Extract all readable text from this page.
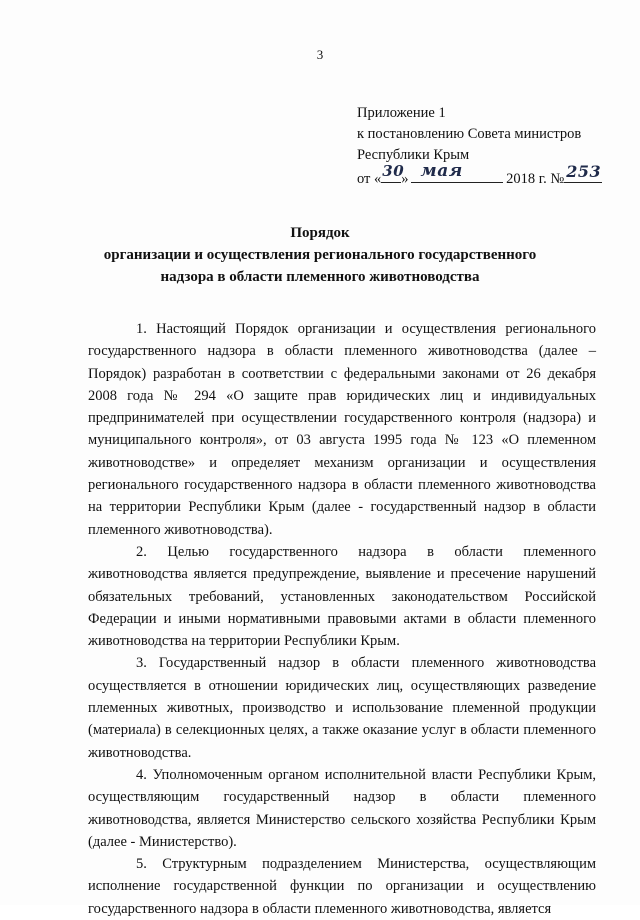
3
Приложение 1
к постановлению Совета министров
Республики Крым
от « 30
» мая	2018 г. № 253
Порядок
организации и осуществления регионального государственного
надзора в области племенного животноводства

1. Настоящий Порядок организации и осуществления регионального государственного надзора в области племенного животноводства (далее – Порядок) разработан в соответствии с федеральными законами от 26 декабря 2008 года № 294 «О защите прав юридических лиц и индивидуальных предпринимателей при осуществлении государственного контроля (надзора) и муниципального контроля», от 03 августа 1995 года № 123 «О племенном животноводстве» и определяет механизм организации и осуществления регионального государственного надзора в области племенного животноводства на территории Республики Крым (далее - государственный надзор в области племенного животноводства).

2. Целью государственного надзора в области племенного животноводства является предупреждение, выявление и пресечение нарушений обязательных требований, установленных законодательством Российской Федерации и иными нормативными правовыми актами в области племенного животноводства на территории Республики Крым.

3. Государственный надзор в области племенного животноводства осуществляется в отношении юридических лиц, осуществляющих разведение племенных животных, производство и использование племенной продукции (материала) в селекционных целях, а также оказание услуг в области племенного животноводства.

4. Уполномоченным органом исполнительной власти Республики Крым, осуществляющим государственный надзор в области племенного животноводства, является Министерство сельского хозяйства Республики Крым (далее - Министерство).

5. Структурным подразделением Министерства, осуществляющим исполнение государственной функции по организации и осуществлению государственного надзора в области племенного животноводства, является
